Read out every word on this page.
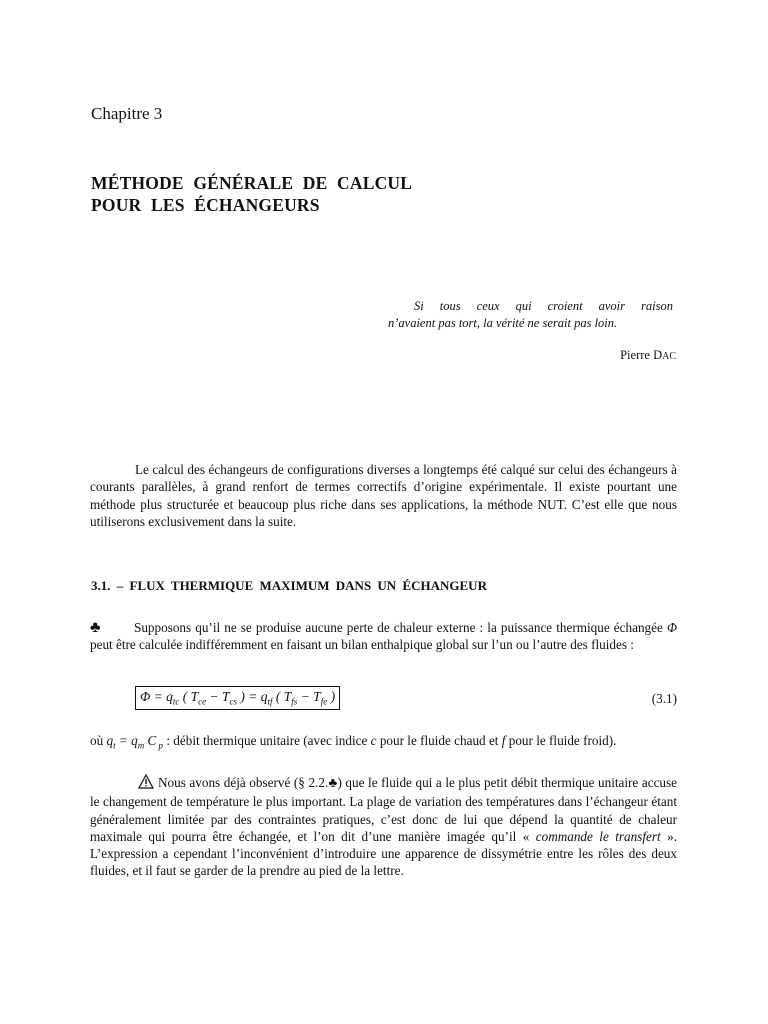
Chapitre 3
MÉTHODE GÉNÉRALE DE CALCUL
POUR LES ÉCHANGEURS
Si tous ceux qui croient avoir raison
n’avaient pas tort, la vérité ne serait pas loin.
Pierre DAC
Le calcul des échangeurs de configurations diverses a longtemps été calqué sur celui des échangeurs à courants parallèles, à grand renfort de termes correctifs d’origine expérimentale. Il existe pourtant une méthode plus structurée et beaucoup plus riche dans ses applications, la méthode NUT. C’est elle que nous utiliserons exclusivement dans la suite.
3.1. – FLUX THERMIQUE MAXIMUM DANS UN ÉCHANGEUR
♣	Supposons qu’il ne se produise aucune perte de chaleur externe : la puissance thermique échangée Φ peut être calculée indifféremment en faisant un bilan enthalpique global sur l’un ou l’autre des fluides :
$\Phi = q_{tc}$ ( $T_{ce} - T_{cs}$ ) = $q_{tf}$ ( $T_{fs} - T_{fe}$ )	(3.1)
où $q_t = q_m$ C $_p$ : débit thermique unitaire (avec indice c pour le fluide chaud et f pour le fluide froid).
Nous avons déjà observé (§ 2.2.♣) que le fluide qui a le plus petit débit thermique unitaire accuse le changement de température le plus important. La plage de variation des températures dans l’échangeur étant généralement limitée par des contraintes pratiques, c’est donc de lui que dépend la quantité de chaleur maximale qui pourra être échangée, et l’on dit d’une manière imagée qu’il « commande le transfert ». L’expression a cependant l’inconvénient d’introduire une apparence de dissymétrie entre les rôles des deux fluides, et il faut se garder de la prendre au pied de la lettre.
